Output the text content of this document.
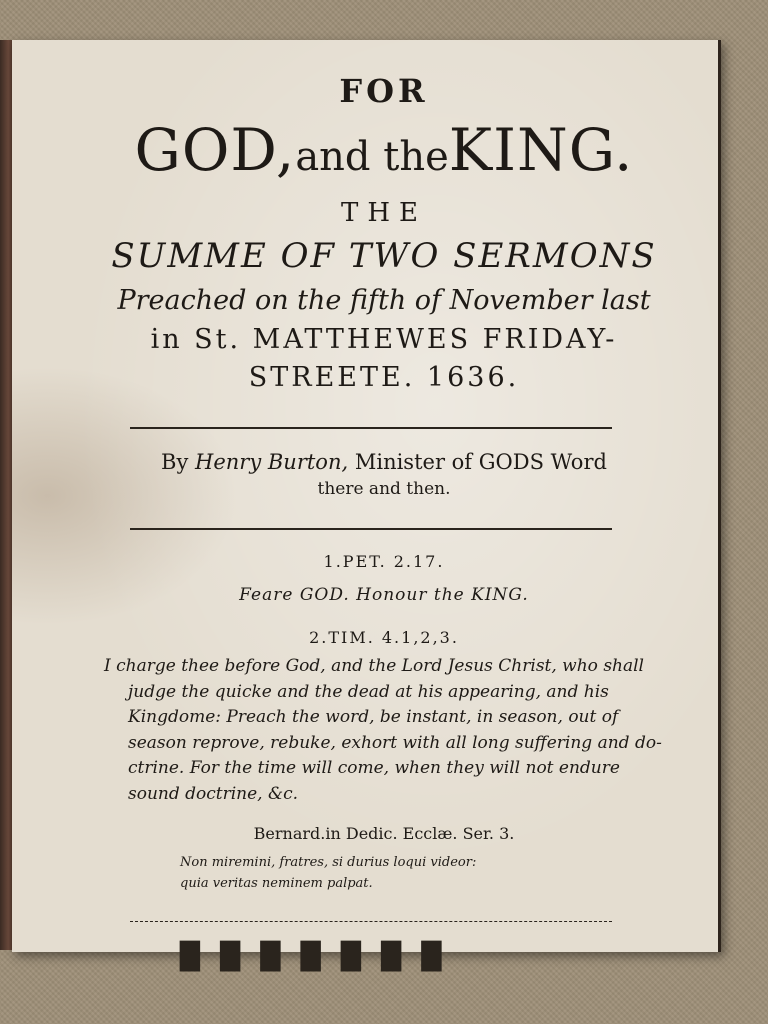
FOR
GOD,and theKING.
THE
SUMME OF TWO SERMONS
Preached on the fifth of November last
in St. MATTHEWES FRIDAY-
STREETE. 1636.
By Henry Burton, Minister of GODS Word
there and then.
1.PET. 2.17.
Feare GOD. Honour the KING.
2.TIM. 4.1,2,3.
I charge thee before God, and the Lord Jesus Christ, who shall
judge the quicke and the dead at his appearing, and his
Kingdome: Preach the word, be instant, in season, out of
season reprove, rebuke, exhort with all long suffering and do-
ctrine. For the time will come, when they will not endure
sound doctrine, &c.
Bernard.in Dedic. Ecclæ. Ser. 3.
Non miremini, fratres, si durius loqui videor:
quia veritas neminem palpat.
█ █ █ █ █ █ █
